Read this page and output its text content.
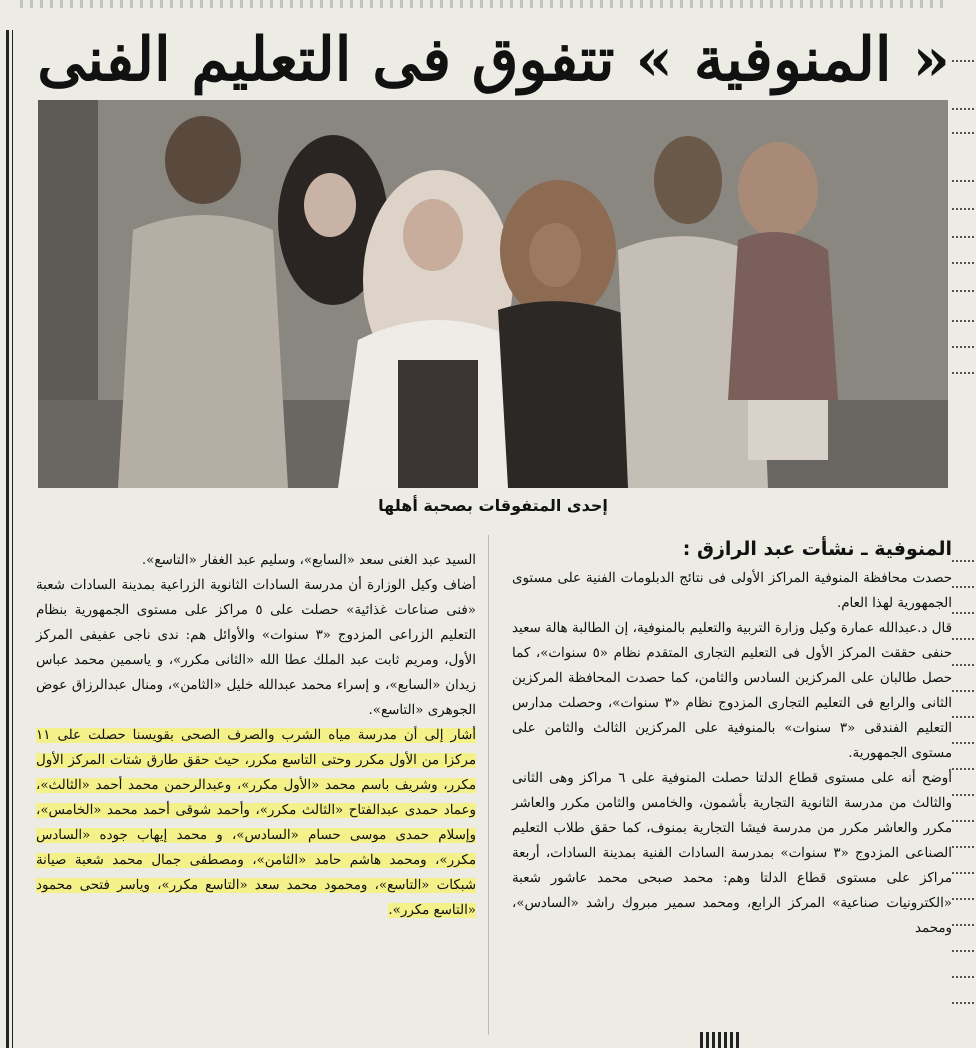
« المنوفية » تتفوق فى التعليم الفنى
إحدى المتفوقات بصحبة أهلها
المنوفية ـ نشأت عبد الرازق :

حصدت محافظة المنوفية المراكز الأولى فى نتائج الدبلومات الفنية على مستوى الجمهورية لهذا العام.

قال د.عبدالله عمارة وكيل وزارة التربية والتعليم بالمنوفية، إن الطالبة هالة سعيد حنفى حققت المركز الأول فى التعليم التجارى المتقدم نظام «٥ سنوات»، كما حصل طالبان على المركزين السادس والثامن، كما حصدت المحافظة المركزين الثانى والرابع فى التعليم التجارى المزدوج نظام «٣ سنوات»، وحصلت مدارس التعليم الفندقى «٣ سنوات» بالمنوفية على المركزين الثالث والثامن على مستوى الجمهورية.

أوضح أنه على مستوى قطاع الدلتا حصلت المنوفية على ٦ مراكز وهى الثانى والثالث من مدرسة الثانوية التجارية بأشمون، والخامس والثامن مكرر والعاشر مكرر والعاشر مكرر من مدرسة فيشا التجارية بمنوف، كما حقق طلاب التعليم الصناعى المزدوج «٣ سنوات» بمدرسة السادات الفنية بمدينة السادات، أربعة مراكز على مستوى قطاع الدلتا وهم: محمد صبحى محمد عاشور شعبة «الكترونيات صناعية» المركز الرابع، ومحمد سمير مبروك راشد «السادس»، ومحمد

السيد عبد الغنى سعد «السابع»، وسليم عبد الغفار «التاسع».

أضاف وكيل الوزارة أن مدرسة السادات الثانوية الزراعية بمدينة السادات شعبة «فنى صناعات غذائية» حصلت على ٥ مراكز على مستوى الجمهورية بنظام التعليم الزراعى المزدوج «٣ سنوات» والأوائل هم: ندى ناجى عفيفى المركز الأول، ومريم ثابت عبد الملك عطا الله «الثانى مكرر»، و ياسمين محمد عباس زيدان «السابع»، و إسراء محمد عبدالله خليل «الثامن»، ومنال عبدالرزاق عوض الجوهرى «التاسع».

أشار إلى أن مدرسة مياه الشرب والصرف الصحى بقويسنا حصلت على ١١ مركزا من الأول مكرر وحتى التاسع مكرر، حيث حقق طارق شتات المركز الأول مكرر، وشريف باسم محمد «الأول مكرر»، وعبدالرحمن محمد أحمد «الثالث»، وعماد حمدى عبدالفتاح «الثالث مكرر»، وأحمد شوقى أحمد محمد «الخامس»، وإسلام حمدى موسى حسام «السادس»، و محمد إيهاب جوده «السادس مكرر»، ومحمد هاشم حامد «الثامن»، ومصطفى جمال محمد شعبة صيانة شبكات «التاسع»، ومحمود محمد سعد «التاسع مكرر»، وياسر فتحى محمود «التاسع مكرر».
